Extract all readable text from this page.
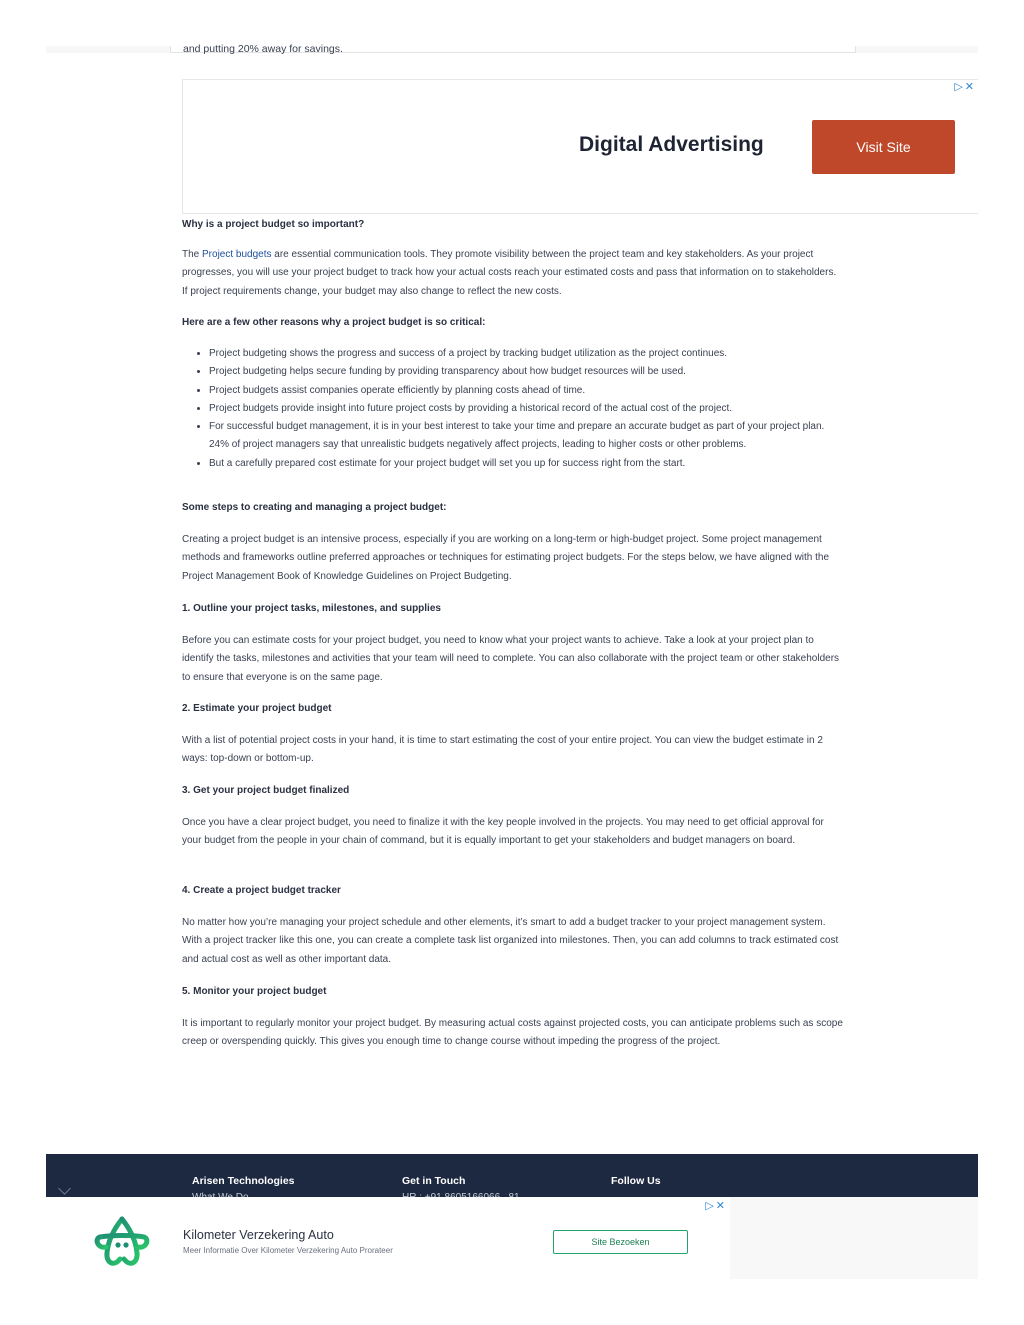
and putting 20% away for savings.
▷✕
Digital Advertising	Visit Site
Why is a project budget so important?

The Project budgets are essential communication tools. They promote visibility between the project team and key stakeholders. As your project progresses, you will use your project budget to track how your actual costs reach your estimated costs and pass that information on to stakeholders. If project requirements change, your budget may also change to reflect the new costs.

Here are a few other reasons why a project budget is so critical:
• Project budgeting shows the progress and success of a project by tracking budget utilization as the project continues.
• Project budgeting helps secure funding by providing transparency about how budget resources will be used.
• Project budgets assist companies operate efficiently by planning costs ahead of time.
• Project budgets provide insight into future project costs by providing a historical record of the actual cost of the project.
• For successful budget management, it is in your best interest to take your time and prepare an accurate budget as part of your project plan. 24% of project managers say that unrealistic budgets negatively affect projects, leading to higher costs or other problems.
• But a carefully prepared cost estimate for your project budget will set you up for success right from the start.
Some steps to creating and managing a project budget:

Creating a project budget is an intensive process, especially if you are working on a long-term or high-budget project. Some project management methods and frameworks outline preferred approaches or techniques for estimating project budgets. For the steps below, we have aligned with the Project Management Book of Knowledge Guidelines on Project Budgeting.

1. Outline your project tasks, milestones, and supplies

Before you can estimate costs for your project budget, you need to know what your project wants to achieve. Take a look at your project plan to identify the tasks, milestones and activities that your team will need to complete. You can also collaborate with the project team or other stakeholders to ensure that everyone is on the same page.

2. Estimate your project budget

With a list of potential project costs in your hand, it is time to start estimating the cost of your entire project. You can view the budget estimate in 2 ways: top-down or bottom-up.

3. Get your project budget finalized

Once you have a clear project budget, you need to finalize it with the key people involved in the projects. You may need to get official approval for your budget from the people in your chain of command, but it is equally important to get your stakeholders and budget managers on board.

4. Create a project budget tracker

No matter how you’re managing your project schedule and other elements, it’s smart to add a budget tracker to your project management system. With a project tracker like this one, you can create a complete task list organized into milestones. Then, you can add columns to track estimated cost and actual cost as well as other important data.

5. Monitor your project budget

It is important to regularly monitor your project budget. By measuring actual costs against projected costs, you can anticipate problems such as scope creep or overspending quickly. This gives you enough time to change course without impeding the progress of the project.

Arisen Technologies	Get in Touch	Follow Us
▷✕
Kilometer Verzekering Auto
Meer Informatie Over Kilometer Verzekering Auto Prorateer
Site Bezoeken
